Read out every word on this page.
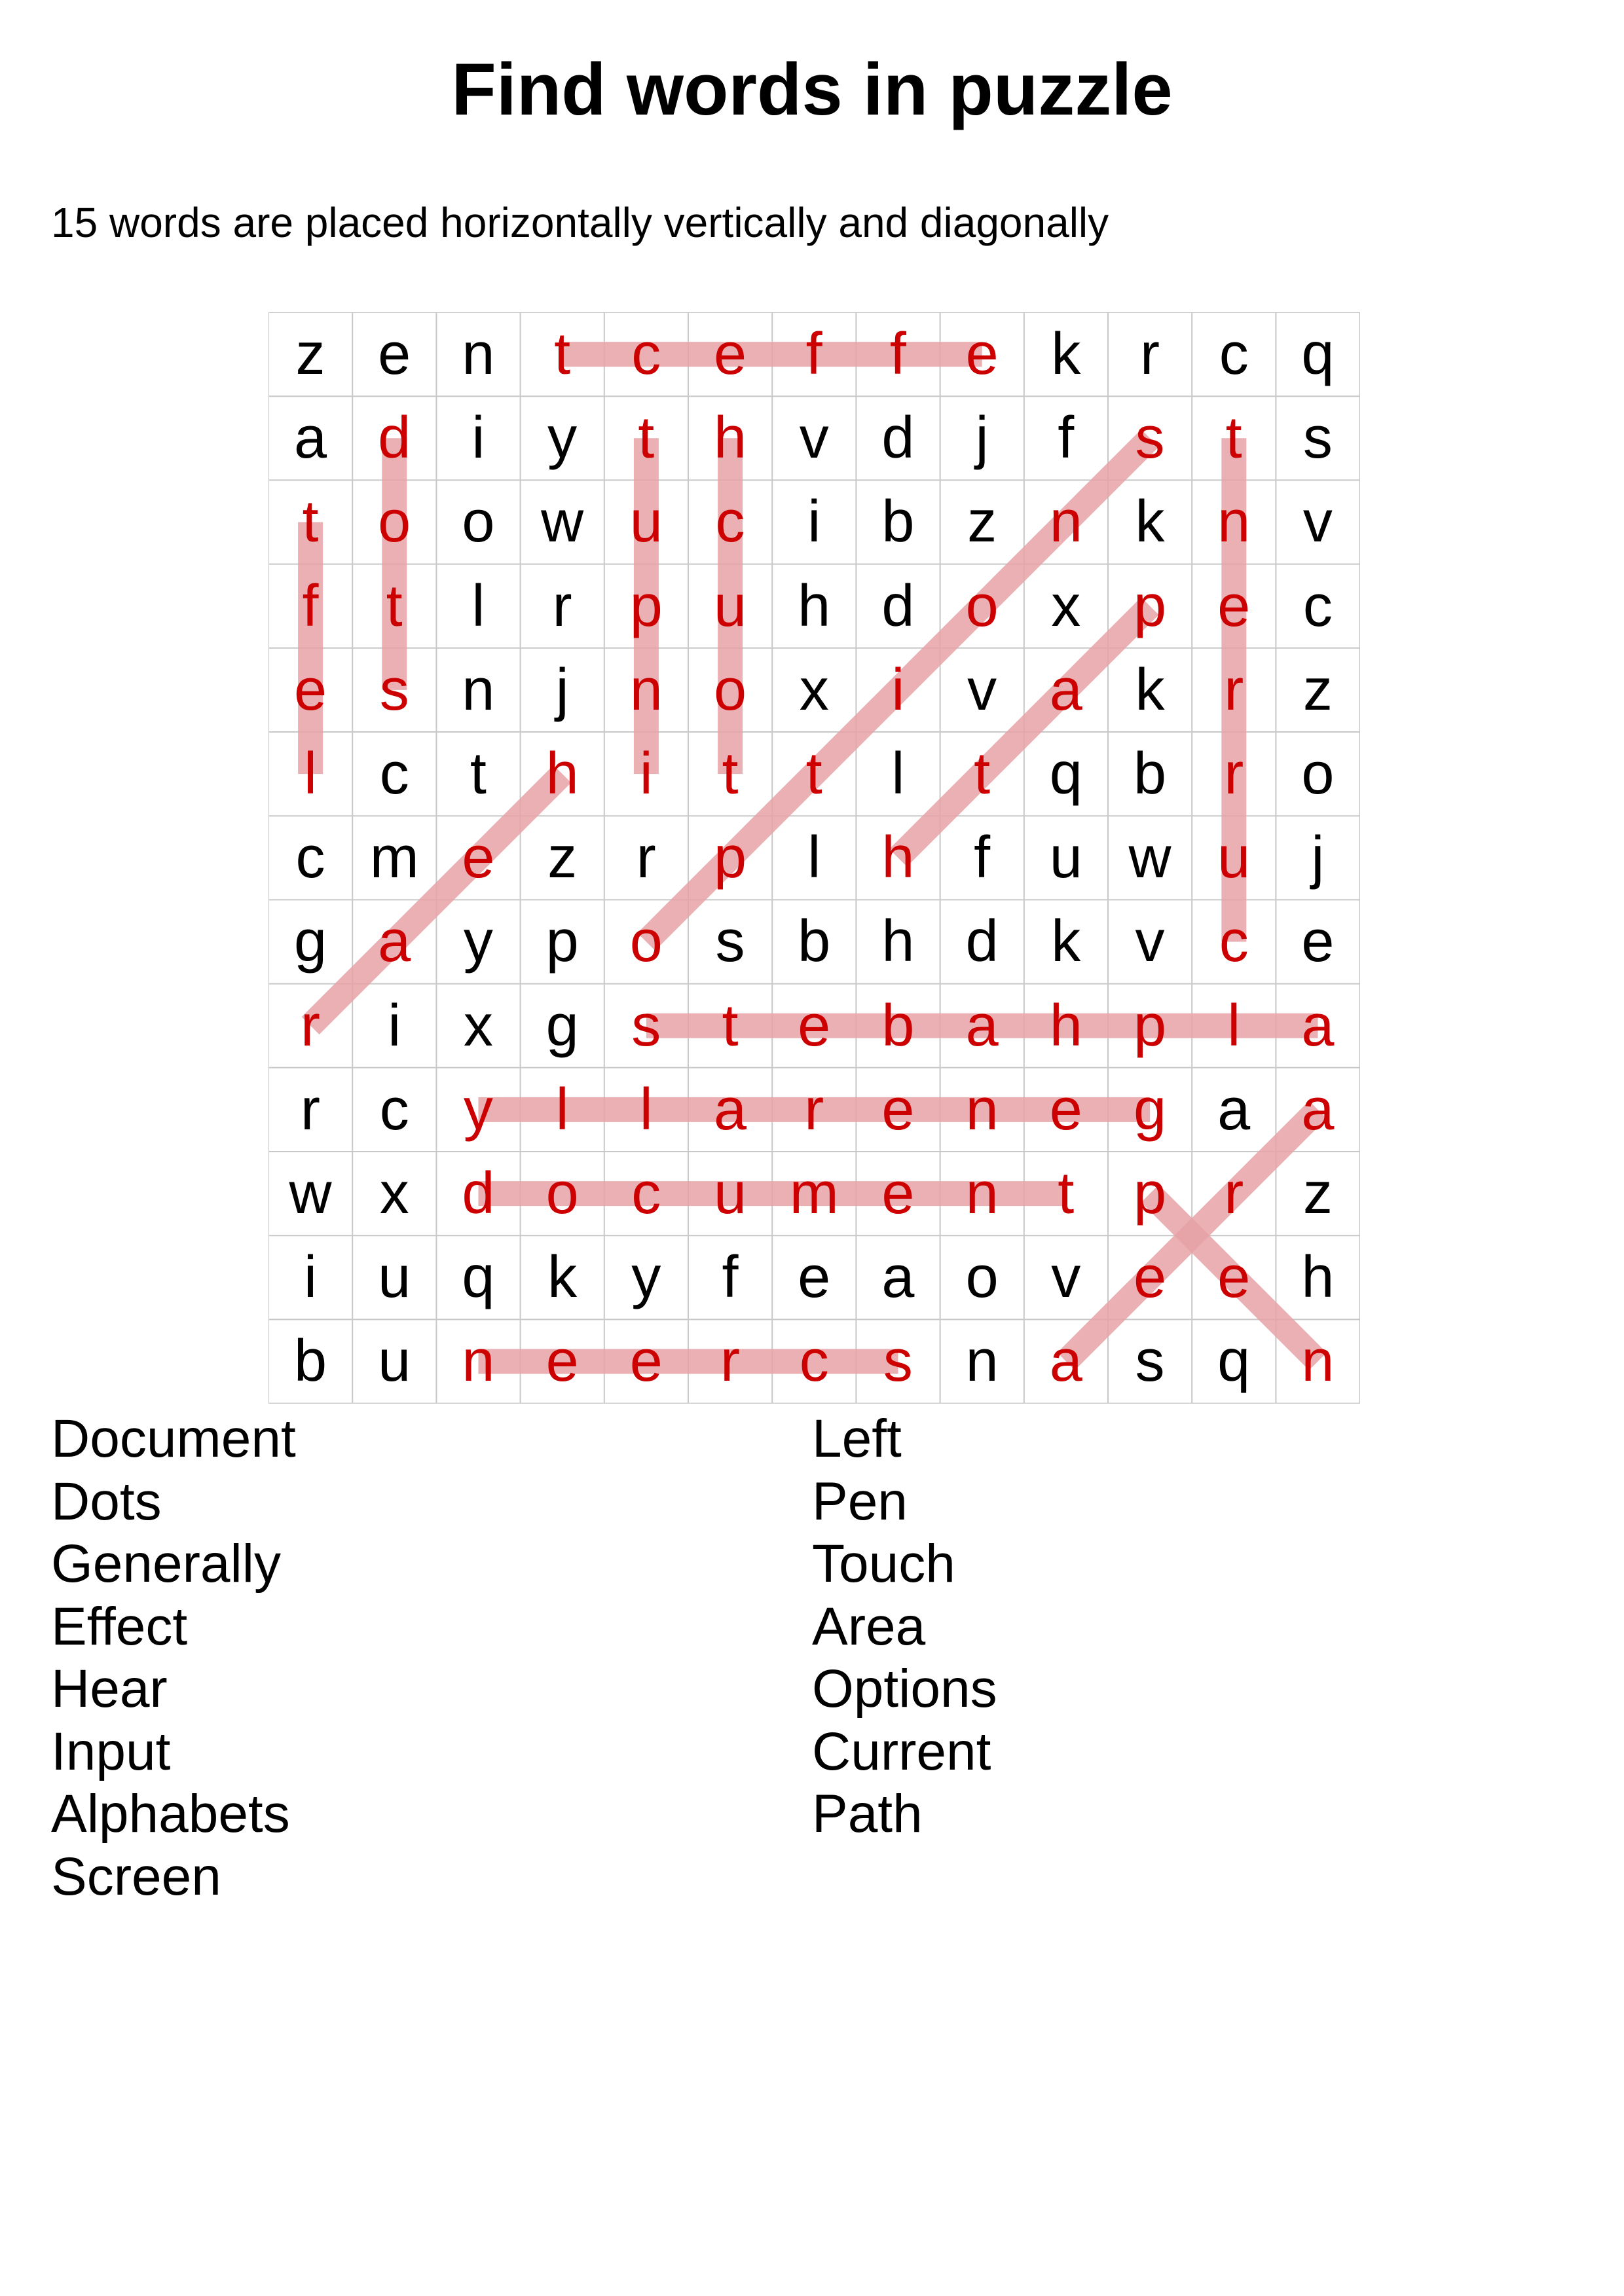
Find words in puzzle
15 words are placed horizontally vertically and diagonally
z e n	t	c e	f	f	e k	r	c q
a d	i	y	t	h v d	j	f	s	t	s
t	o o w u c	i	b z n k n v
f	t	l	r p u h d o x p e c
e s n	j	n o x	i	v a k	r	z
l	c	t	h	i	t	t	l	t	q b r o
c m e z	r p	l	h	f	u w u	j
g a y p o s b h d k v c e
r	i	x g s	t	e b a h p	l	a
r	c y	l	l	a r e n e g a a
w x d o c u m e n	t	p r	z
i	u q k y	f	e a o v e e h
b u n e e r	c s n a s q n
Document
Dots
Generally
Effect
Hear
Input
Alphabets
Screen
Left
Pen
Touch
Area
Options
Current
Path
